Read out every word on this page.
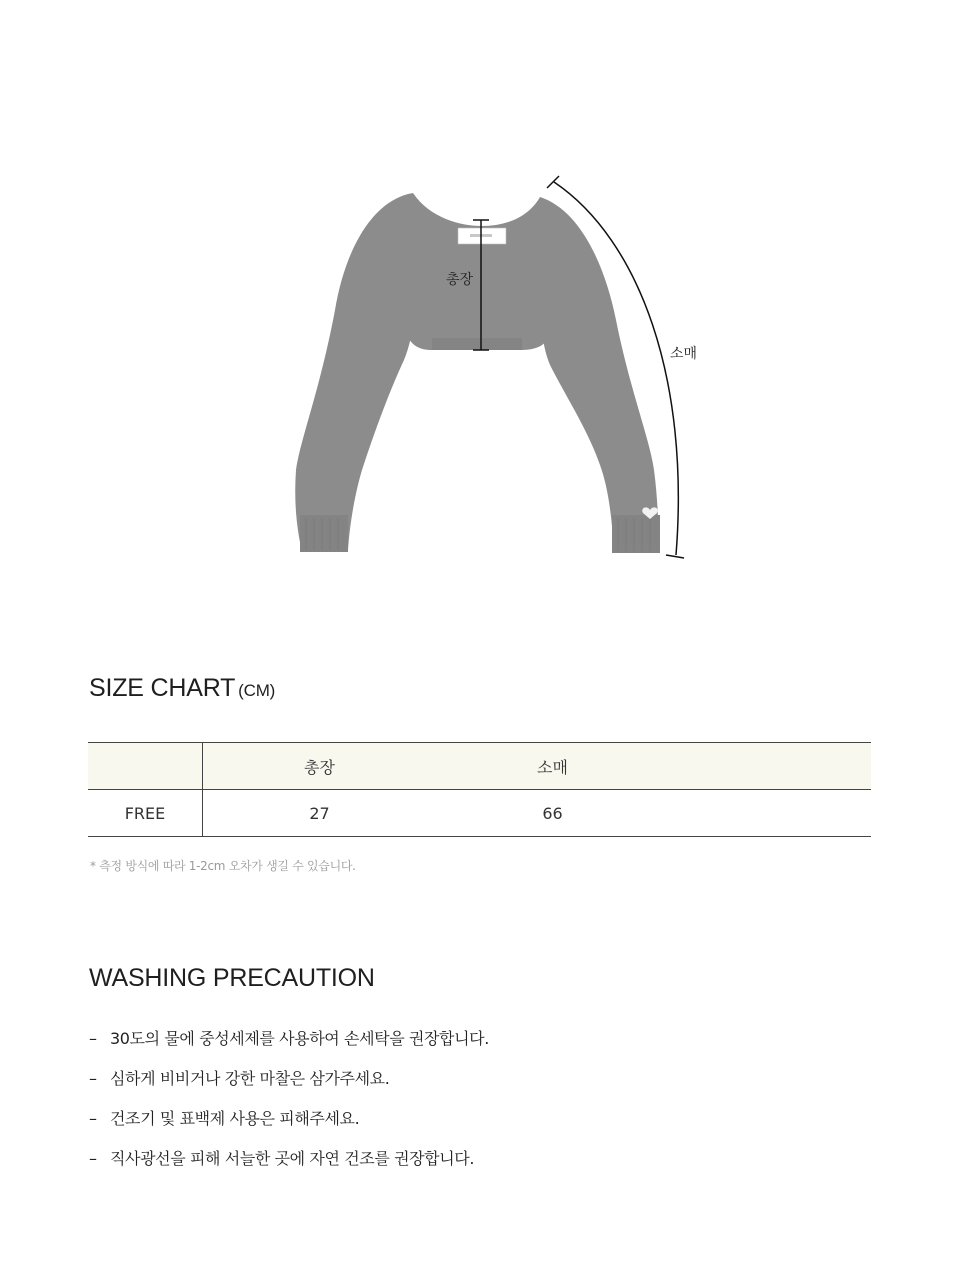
총장
소매
SIZE CHART (CM)
	총장	소매	
FREE	27	66	

* 측정 방식에 따라 1-2cm 오차가 생길 수 있습니다.

WASHING PRECAUTION
– 30도의 물에 중성세제를 사용하여 손세탁을 권장합니다.
– 심하게 비비거나 강한 마찰은 삼가주세요.
– 건조기 및 표백제 사용은 피해주세요.
– 직사광선을 피해 서늘한 곳에 자연 건조를 권장합니다.
